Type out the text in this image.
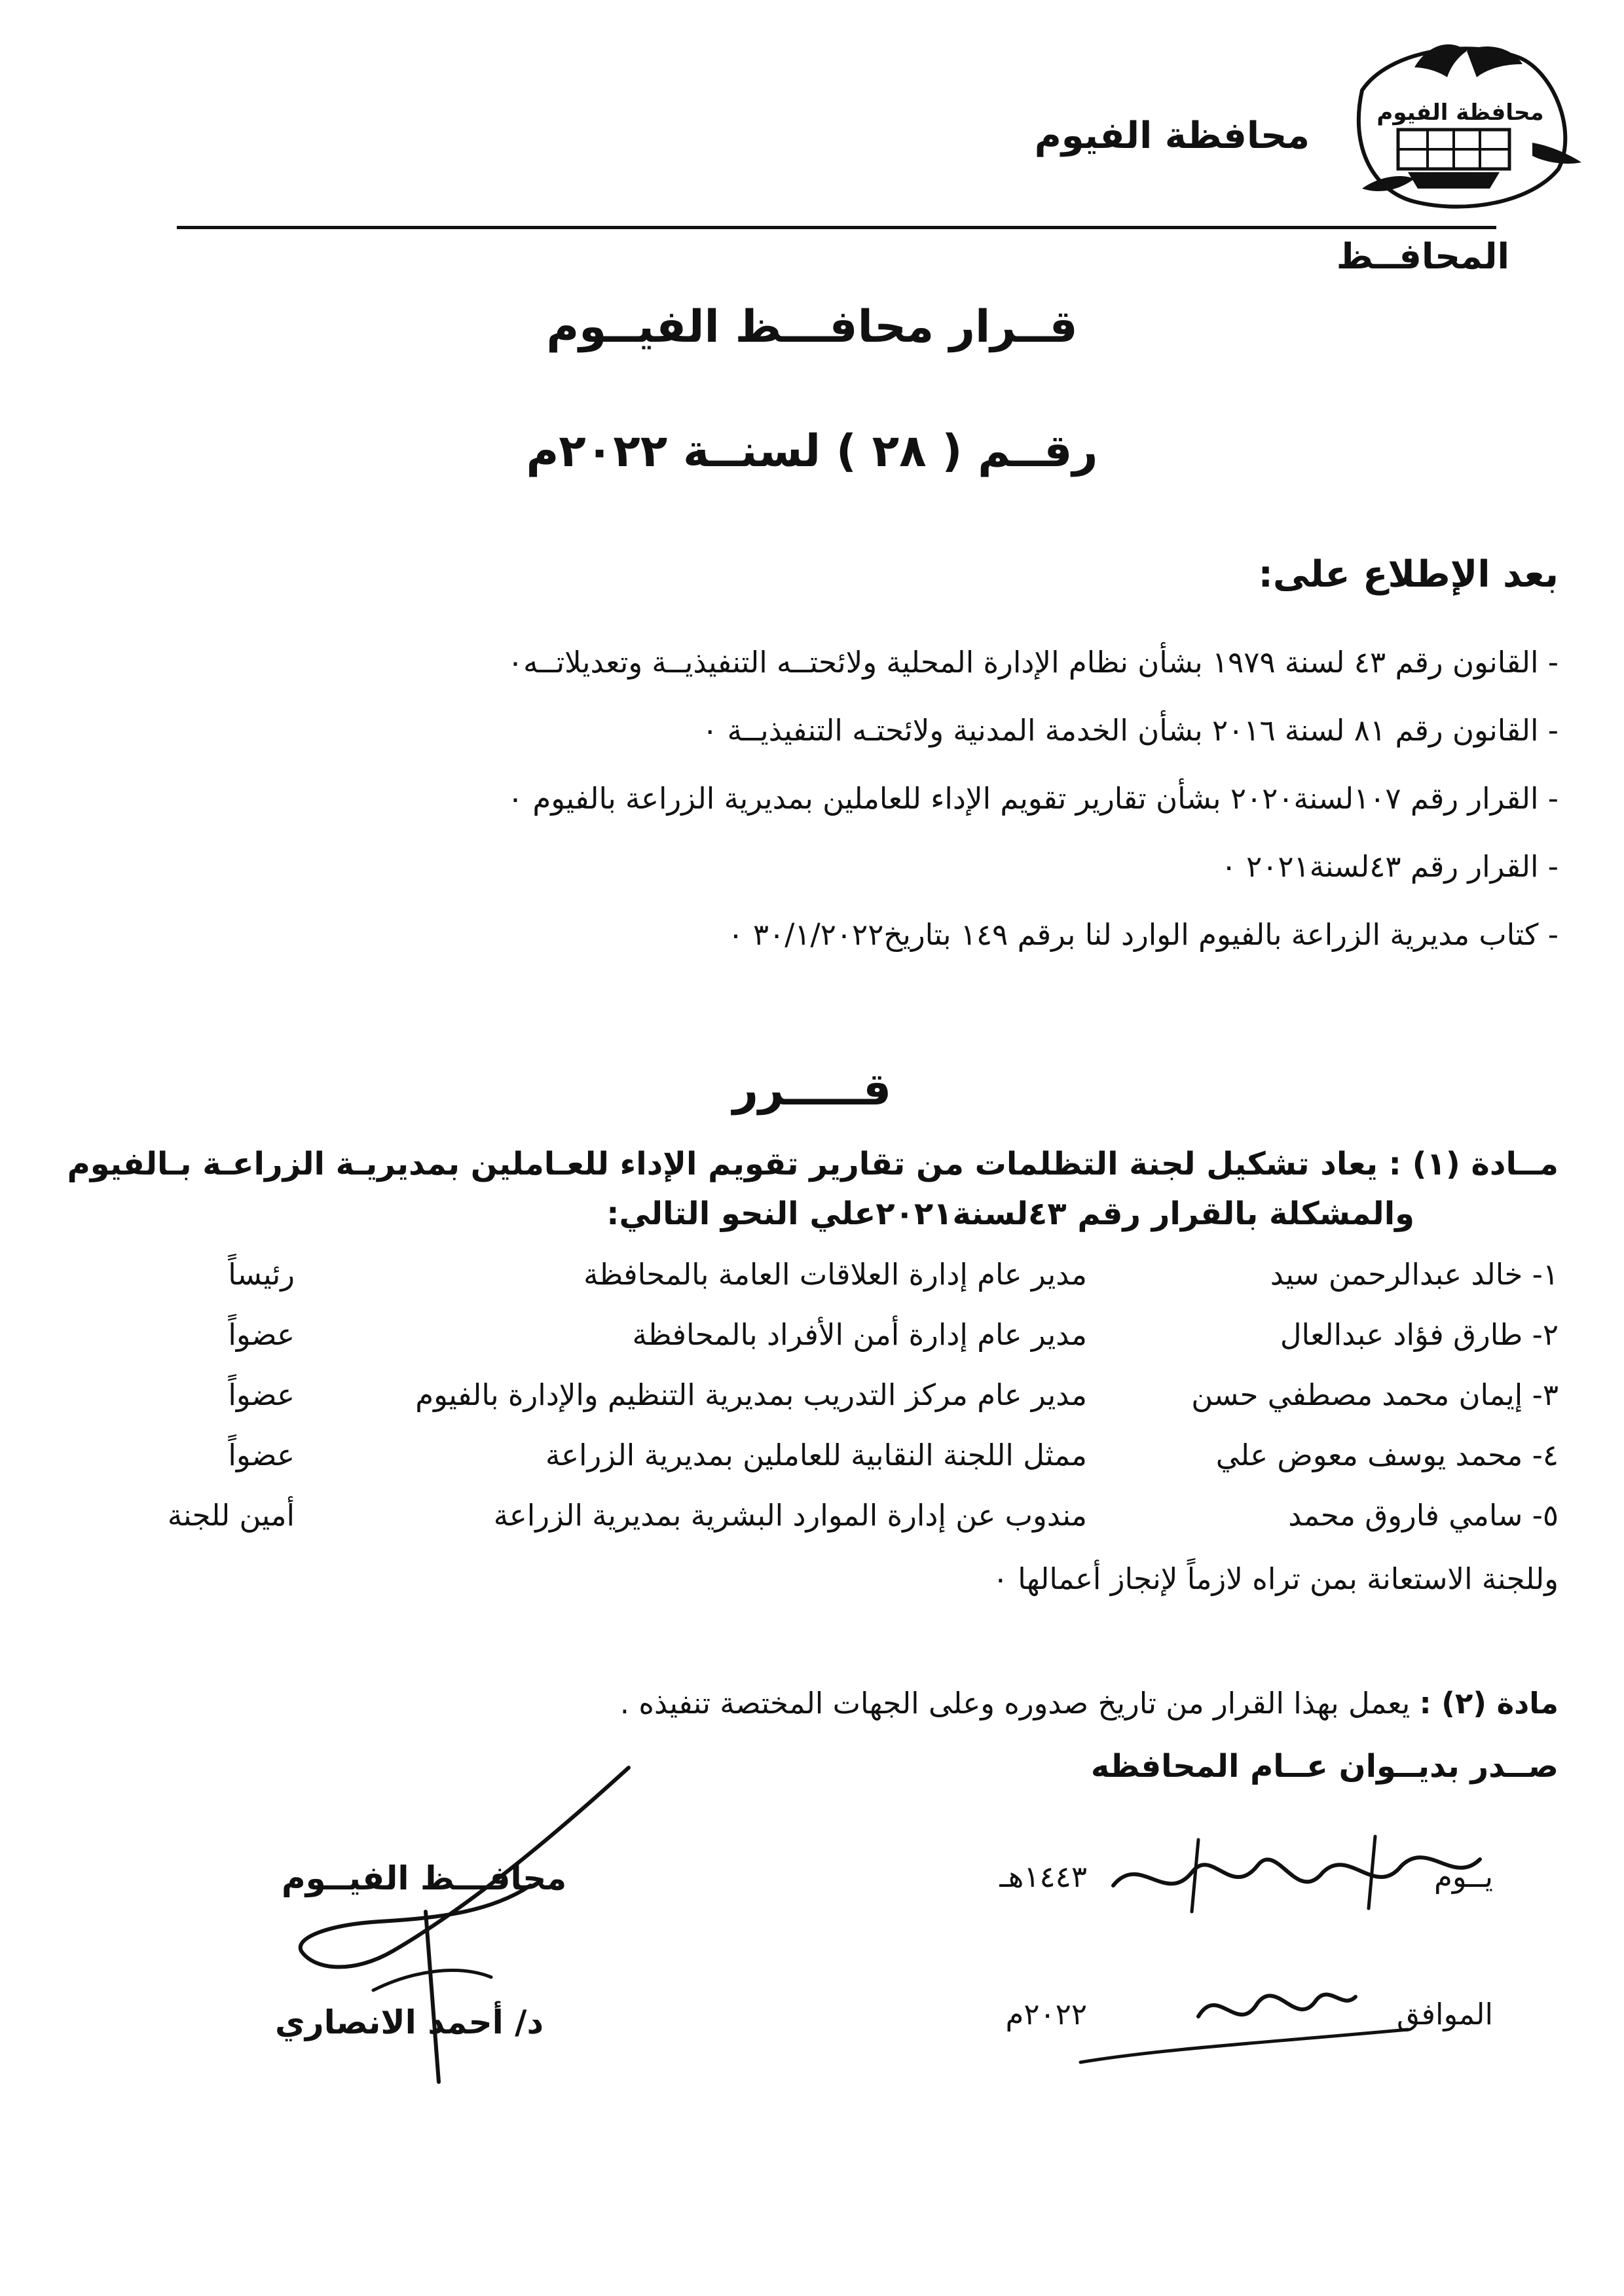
محافظة الفيوم
محافظة الفيوم
المحافــظ
قــرار محافـــظ الفيــوم
رقــم ( ٢٨ ) لسنــة ٢٠٢٢م
بعد الإطلاع على:
- القانون رقم ٤٣ لسنة ١٩٧٩ بشأن نظام الإدارة المحلية ولائحتــه التنفيذيــة وتعديلاتــه٠
- القانون رقم ٨١ لسنة ٢٠١٦ بشأن الخدمة المدنية ولائحتـه التنفيذيــة ٠
- القرار رقم ١٠٧لسنة٢٠٢٠ بشأن تقارير تقويم الإداء للعاملين بمديرية الزراعة بالفيوم ٠
- القرار رقم ٤٣لسنة٢٠٢١ ٠
- كتاب مديرية الزراعة بالفيوم الوارد لنا برقم ١٤٩ بتاريخ٣٠/١/٢٠٢٢ ٠
قـــــرر
مــادة (١) : يعاد تشكيل لجنة التظلمات من تقارير تقويم الإداء للعـاملين بمديريـة الزراعـة بـالفيوم
والمشكلة بالقرار رقم ٤٣لسنة٢٠٢١علي النحو التالي:
١- خالد عبدالرحمن سيد
مدير عام إدارة العلاقات العامة بالمحافظة
رئيساً
٢- طارق فؤاد عبدالعال
مدير عام إدارة أمن الأفراد بالمحافظة
عضواً
٣- إيمان محمد مصطفي حسن
مدير عام مركز التدريب بمديرية التنظيم والإدارة بالفيوم
عضواً
٤- محمد يوسف معوض علي
ممثل اللجنة النقابية للعاملين بمديرية الزراعة
عضواً
٥- سامي فاروق محمد
مندوب عن إدارة الموارد البشرية بمديرية الزراعة
أمين للجنة
وللجنة الاستعانة بمن تراه لازماً لإنجاز أعمالها ٠
مادة (٢) : يعمل بهذا القرار من تاريخ صدوره وعلى الجهات المختصة تنفيذه .
صــدر بديــوان عــام المحافظه
يــوم
١٤٤٣هـ
الموافق
٢٠٢٢م
محافـــظ الفيــوم
د/ أحمد الانصاري
